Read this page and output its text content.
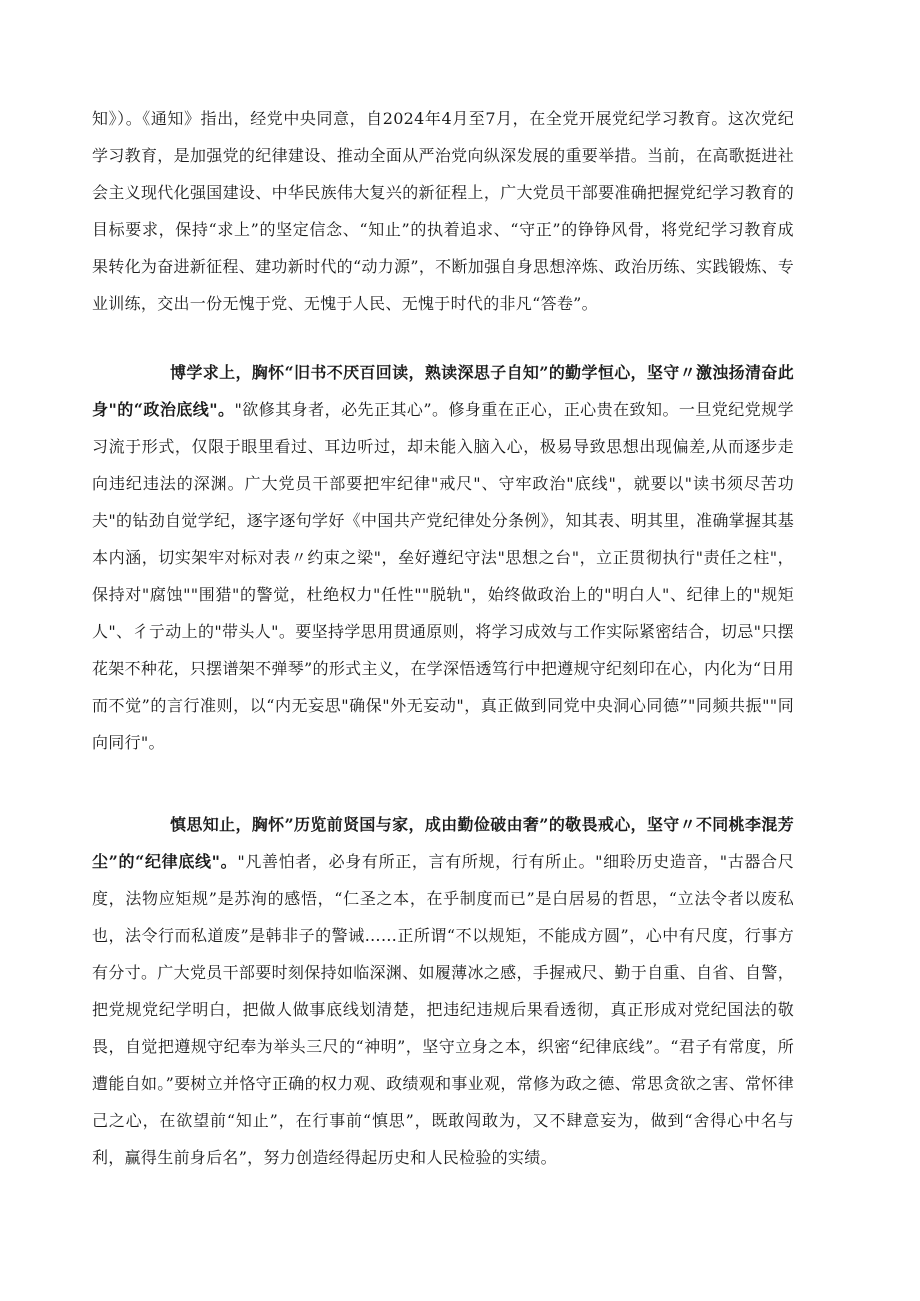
知》）。《通知》指出，经党中央同意，自2024年4月至7月，在全党开展党纪学习教育。这次党纪学习教育，是加强党的纪律建设、推动全面从严治党向纵深发展的重要举措。当前，在高歌挺进社会主义现代化强国建设、中华民族伟大复兴的新征程上，广大党员干部要准确把握党纪学习教育的目标要求，保持“求上”的坚定信念、“知止”的执着追求、“守正”的铮铮风骨，将党纪学习教育成果转化为奋进新征程、建功新时代的“动力源”，不断加强自身思想淬炼、政治历练、实践锻炼、专业训练，交出一份无愧于党、无愧于人民、无愧于时代的非凡“答卷”。

博学求上，胸怀“旧书不厌百回读，熟读深思子自知”的勤学恒心，坚守〃激浊扬清奋此身"的“政治底线"。"欲修其身者，必先正其心”。修身重在正心，正心贵在致知。一旦党纪党规学习流于形式，仅限于眼里看过、耳边听过，却未能入脑入心，极易导致思想出现偏差,从而逐步走向违纪违法的深渊。广大党员干部要把牢纪律"戒尺"、守牢政治"底线"，就要以"读书须尽苦功夫"的钻劲自觉学纪，逐字逐句学好《中国共产党纪律处分条例》，知其表、明其里，准确掌握其基本内涵，切实架牢对标对表〃约束之梁"，垒好遵纪守法"思想之台"，立正贯彻执行"责任之柱"，保持对"腐蚀""围猎"的警觉，杜绝权力"任性""脱轨"，始终做政治上的"明白人"、纪律上的"规矩人"、彳亍动上的"带头人"。要坚持学思用贯通原则，将学习成效与工作实际紧密结合，切忌"只摆花架不种花，只摆谱架不弹琴”的形式主义，在学深悟透笃行中把遵规守纪刻印在心，内化为“日用而不觉”的言行准则，以“内无妄思"确保"外无妄动"，真正做到同党中央洞心同德”"同频共振""同向同行"。

慎思知止，胸怀”历览前贤国与家，成由勤俭破由奢”的敬畏戒心，坚守〃不同桃李混芳尘”的“纪律底线"。"凡善怕者，必身有所正，言有所规，行有所止。"细聆历史造音，"古器合尺度，法物应矩规”是苏洵的感悟，“仁圣之本，在乎制度而已”是白居易的哲思，“立法令者以废私也，法令行而私道废”是韩非子的警诫……正所谓“不以规矩，不能成方圆”，心中有尺度，行事方有分寸。广大党员干部要时刻保持如临深渊、如履薄冰之感，手握戒尺、勤于自重、自省、自警，把党规党纪学明白，把做人做事底线划清楚，把违纪违规后果看透彻，真正形成对党纪国法的敬畏，自觉把遵规守纪奉为举头三尺的“神明”，坚守立身之本，织密“纪律底线”。“君子有常度，所遭能自如。”要树立并恪守正确的权力观、政绩观和事业观，常修为政之德、常思贪欲之害、常怀律己之心，在欲望前“知止”，在行事前“慎思”，既敢闯敢为，又不肆意妄为，做到“舍得心中名与利，赢得生前身后名”，努力创造经得起历史和人民检验的实绩。
